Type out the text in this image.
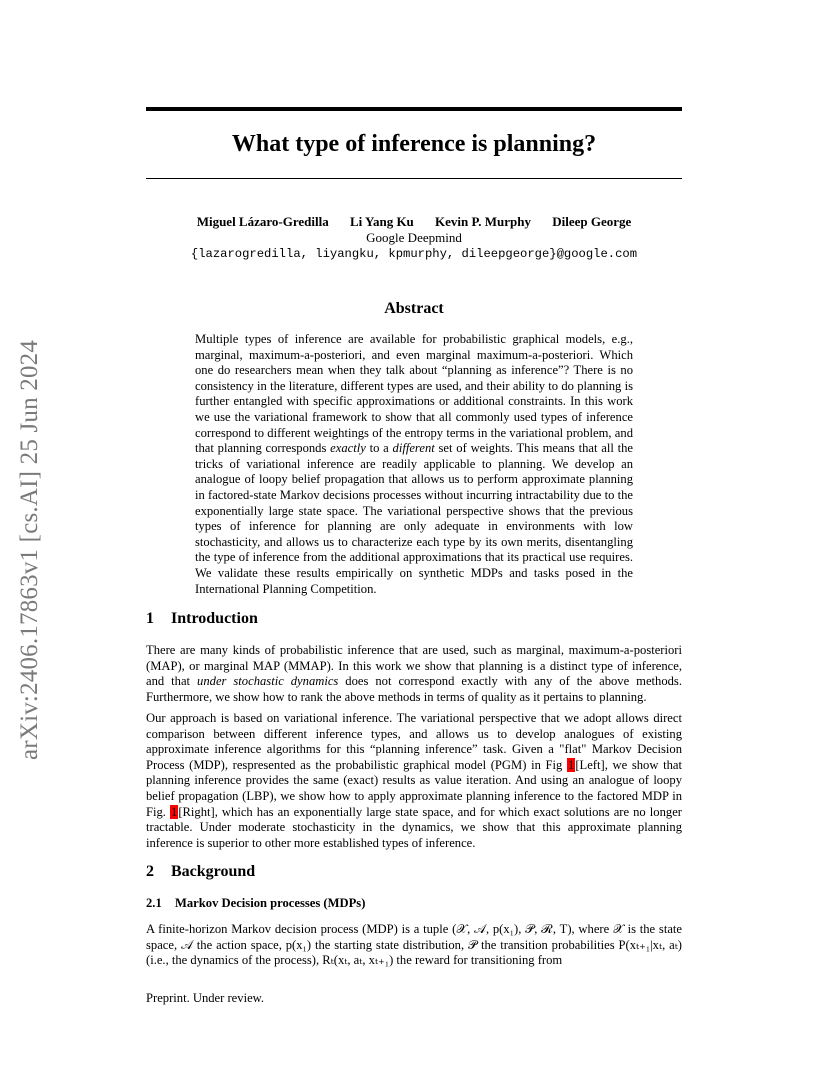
What type of inference is planning?
arXiv:2406.17863v1 [cs.AI] 25 Jun 2024
Miguel Lázaro-Gredilla Li Yang Ku Kevin P. Murphy Dileep George
Google Deepmind
{lazarogredilla, liyangku, kpmurphy, dileepgeorge}@google.com
Abstract
Multiple types of inference are available for probabilistic graphical models, e.g., marginal, maximum-a-posteriori, and even marginal maximum-a-posteriori. Which one do researchers mean when they talk about “planning as inference”? There is no consistency in the literature, different types are used, and their ability to do planning is further entangled with specific approximations or additional constraints. In this work we use the variational framework to show that all commonly used types of inference correspond to different weightings of the entropy terms in the variational problem, and that planning corresponds exactly to a different set of weights. This means that all the tricks of variational inference are readily applicable to planning. We develop an analogue of loopy belief propagation that allows us to perform approximate planning in factored-state Markov decisions processes without incurring intractability due to the exponentially large state space. The variational perspective shows that the previous types of inference for planning are only adequate in environments with low stochasticity, and allows us to characterize each type by its own merits, disentangling the type of inference from the additional approximations that its practical use requires. We validate these results empirically on synthetic MDPs and tasks posed in the International Planning Competition.
1 Introduction

There are many kinds of probabilistic inference that are used, such as marginal, maximum-a-posteriori (MAP), or marginal MAP (MMAP). In this work we show that planning is a distinct type of inference, and that under stochastic dynamics does not correspond exactly with any of the above methods. Furthermore, we show how to rank the above methods in terms of quality as it pertains to planning.

Our approach is based on variational inference. The variational perspective that we adopt allows direct comparison between different inference types, and allows us to develop analogues of existing approximate inference algorithms for this “planning inference” task. Given a "flat" Markov Decision Process (MDP), respresented as the probabilistic graphical model (PGM) in Fig 1[Left], we show that planning inference provides the same (exact) results as value iteration. And using an analogue of loopy belief propagation (LBP), we show how to apply approximate planning inference to the factored MDP in Fig. 1[Right], which has an exponentially large state space, and for which exact solutions are no longer tractable. Under moderate stochasticity in the dynamics, we show that this approximate planning inference is superior to other more established types of inference.

2 Background
2.1 Markov Decision processes (MDPs)
A finite-horizon Markov decision process (MDP) is a tuple (𝒳, 𝒜, p(x₁), 𝒫, ℛ, T), where 𝒳 is the state space, 𝒜 the action space, p(x₁) the starting state distribution, 𝒫 the transition probabilities P(xₜ₊₁|xₜ, aₜ) (i.e., the dynamics of the process), Rₜ(xₜ, aₜ, xₜ₊₁) the reward for transitioning from
Preprint. Under review.
